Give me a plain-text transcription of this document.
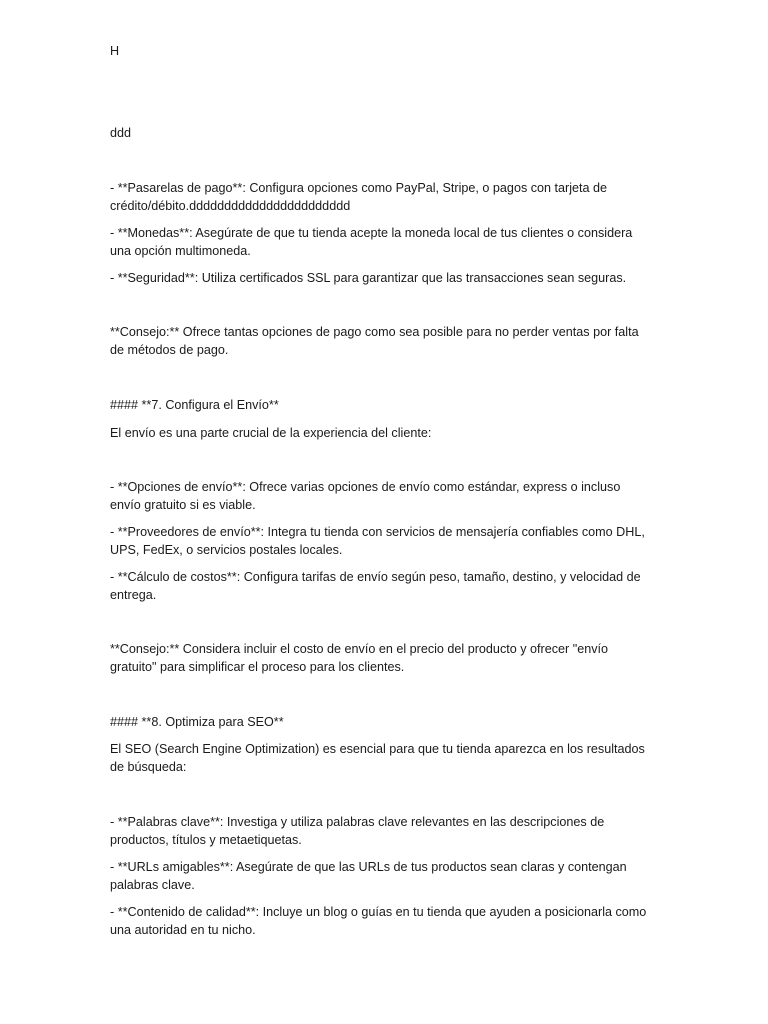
H
ddd
- **Pasarelas de pago**: Configura opciones como PayPal, Stripe, o pagos con tarjeta de crédito/débito.ddddddddddddddddddddddd
- **Monedas**: Asegúrate de que tu tienda acepte la moneda local de tus clientes o considera una opción multimoneda.
- **Seguridad**: Utiliza certificados SSL para garantizar que las transacciones sean seguras.
**Consejo:** Ofrece tantas opciones de pago como sea posible para no perder ventas por falta de métodos de pago.
#### **7. Configura el Envío**
El envío es una parte crucial de la experiencia del cliente:
- **Opciones de envío**: Ofrece varias opciones de envío como estándar, express o incluso envío gratuito si es viable.
- **Proveedores de envío**: Integra tu tienda con servicios de mensajería confiables como DHL, UPS, FedEx, o servicios postales locales.
- **Cálculo de costos**: Configura tarifas de envío según peso, tamaño, destino, y velocidad de entrega.
**Consejo:** Considera incluir el costo de envío en el precio del producto y ofrecer "envío gratuito" para simplificar el proceso para los clientes.
#### **8. Optimiza para SEO**
El SEO (Search Engine Optimization) es esencial para que tu tienda aparezca en los resultados de búsqueda:
- **Palabras clave**: Investiga y utiliza palabras clave relevantes en las descripciones de productos, títulos y metaetiquetas.
- **URLs amigables**: Asegúrate de que las URLs de tus productos sean claras y contengan palabras clave.
- **Contenido de calidad**: Incluye un blog o guías en tu tienda que ayuden a posicionarla como una autoridad en tu nicho.
